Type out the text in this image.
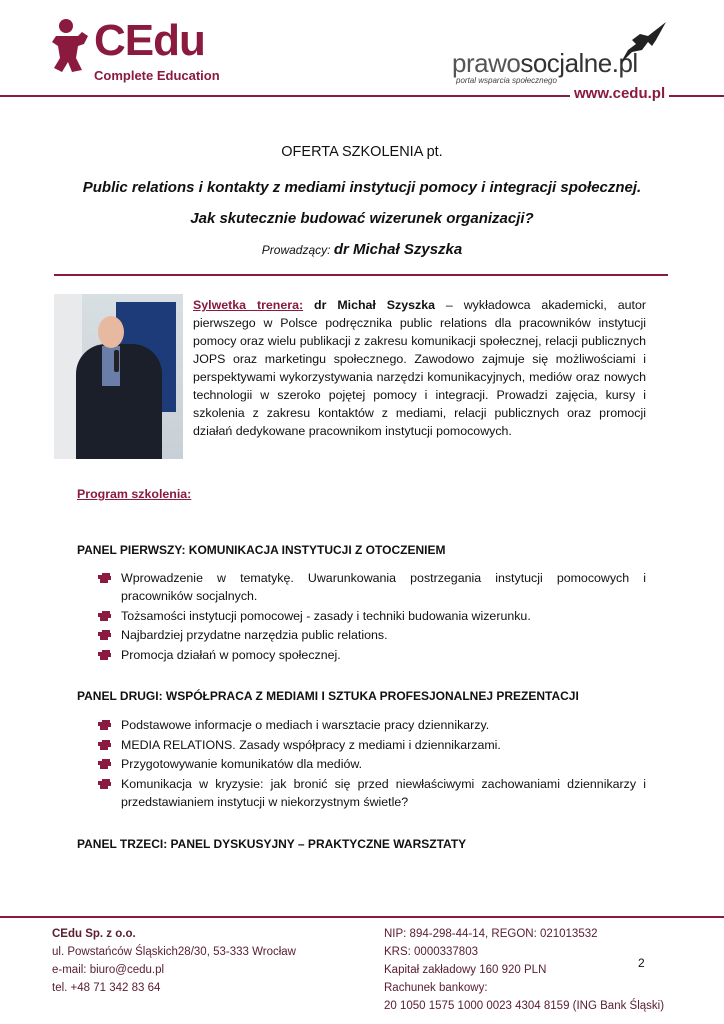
CEdu
Complete Education	prawosocjalne.pl
portal wsparcia społecznego
www.cedu.pl
OFERTA SZKOLENIA pt.
Public relations i kontakty z mediami instytucji pomocy i integracji społecznej.
Jak skutecznie budować wizerunek organizacji?
Prowadzący: dr Michał Szyszka
Sylwetka trenera: dr Michał Szyszka – wykładowca akademicki, autor pierwszego w Polsce podręcznika public relations dla pracowników instytucji pomocy oraz wielu publikacji z zakresu komunikacji społecznej, relacji publicznych JOPS oraz marketingu społecznego. Zawodowo zajmuje się możliwościami i perspektywami wykorzystywania narzędzi komunikacyjnych, mediów oraz nowych technologii w szeroko pojętej pomocy i integracji. Prowadzi zajęcia, kursy i szkolenia z zakresu kontaktów z mediami, relacji publicznych oraz promocji działań dedykowane pracownikom instytucji pomocowych.
Program szkolenia:
PANEL PIERWSZY: KOMUNIKACJA INSTYTUCJI Z OTOCZENIEM
Wprowadzenie w tematykę. Uwarunkowania postrzegania instytucji pomocowych i pracowników socjalnych.
Tożsamości instytucji pomocowej - zasady i techniki budowania wizerunku.
Najbardziej przydatne narzędzia public relations.
Promocja działań w pomocy społecznej.
PANEL DRUGI: WSPÓŁPRACA Z MEDIAMI I SZTUKA PROFESJONALNEJ PREZENTACJI
Podstawowe informacje o mediach i warsztacie pracy dziennikarzy.
MEDIA RELATIONS. Zasady współpracy z mediami i dziennikarzami.
Przygotowywanie komunikatów dla mediów.
Komunikacja w kryzysie: jak bronić się przed niewłaściwymi zachowaniami dziennikarzy i przedstawianiem instytucji w niekorzystnym świetle?
PANEL TRZECI: PANEL DYSKUSYJNY – PRAKTYCZNE WARSZTATY
CEdu Sp. z o.o.
ul. Powstańców Śląskich28/30, 53-333 Wrocław
e-mail: biuro@cedu.pl
tel. +48 71 342 83 64
NIP: 894-298-44-14, REGON: 021013532
KRS: 0000337803
Kapitał zakładowy 160 920 PLN
Rachunek bankowy:
20 1050 1575 1000 0023 4304 8159 (ING Bank Śląski)
2
